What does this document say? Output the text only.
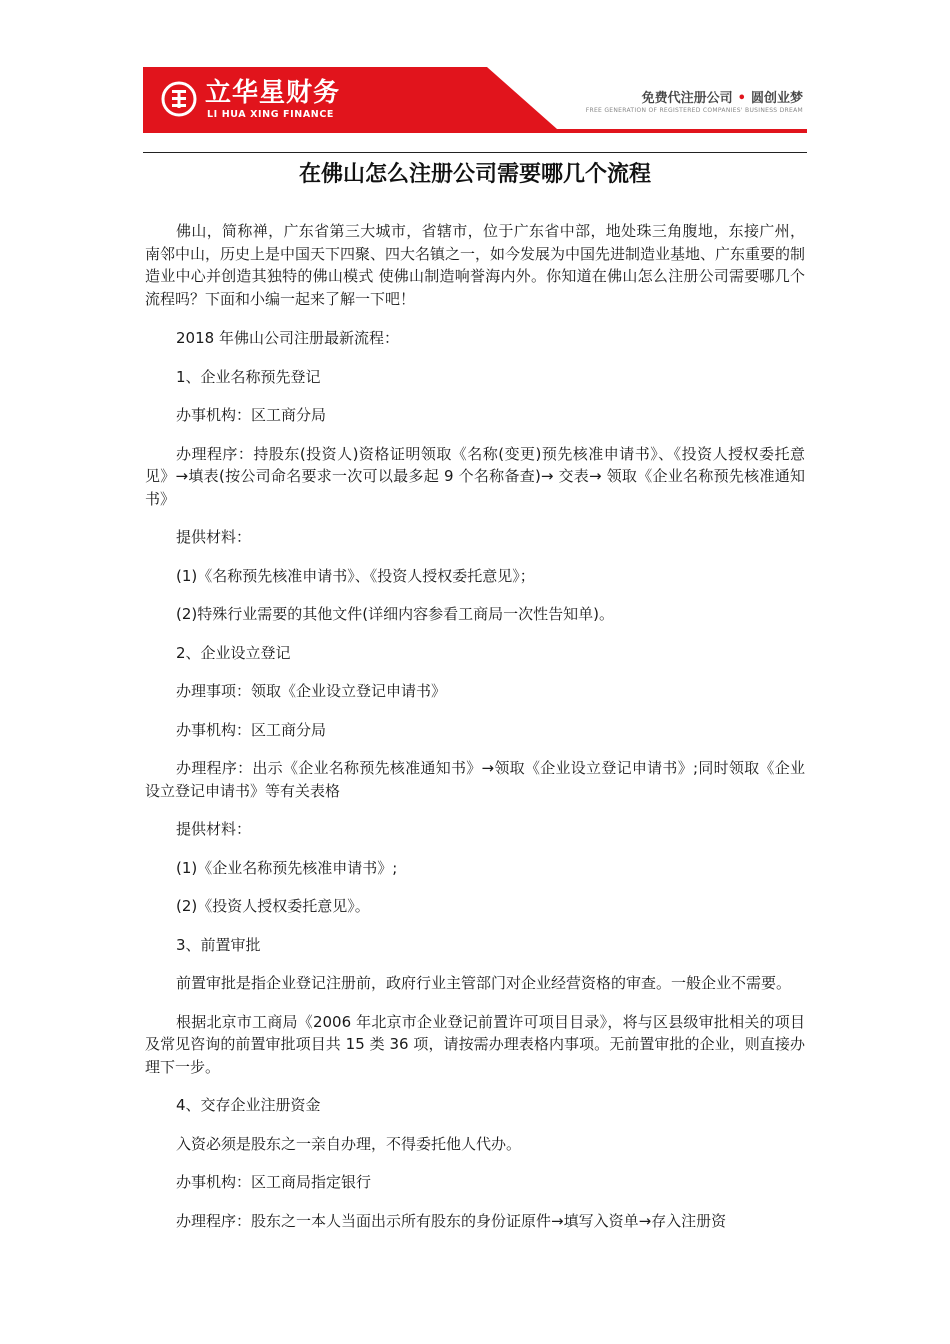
立华星财务
LI HUA XING FINANCE
免费代注册公司 • 圆创业梦
FREE GENERATION OF REGISTERED COMPANIES' BUSINESS DREAM
在佛山怎么注册公司需要哪几个流程

佛山，简称禅，广东省第三大城市，省辖市，位于广东省中部，地处珠三角腹地，东接广州，南邻中山，历史上是中国天下四聚、四大名镇之一，如今发展为中国先进制造业基地、广东重要的制造业中心并创造其独特的佛山模式 使佛山制造响誉海内外。你知道在佛山怎么注册公司需要哪几个流程吗？下面和小编一起来了解一下吧！

2018 年佛山公司注册最新流程：

1、企业名称预先登记

办事机构：区工商分局

办理程序：持股东(投资人)资格证明领取《名称(变更)预先核准申请书》、《投资人授权委托意见》→填表(按公司命名要求一次可以最多起 9 个名称备查)→ 交表→ 领取《企业名称预先核准通知书》

提供材料：

(1)《名称预先核准申请书》、《投资人授权委托意见》；

(2)特殊行业需要的其他文件(详细内容参看工商局一次性告知单)。

2、企业设立登记

办理事项：领取《企业设立登记申请书》

办事机构：区工商分局

办理程序：出示《企业名称预先核准通知书》→领取《企业设立登记申请书》;同时领取《企业设立登记申请书》等有关表格

提供材料：

(1)《企业名称预先核准申请书》;

(2)《投资人授权委托意见》。

3、前置审批

前置审批是指企业登记注册前，政府行业主管部门对企业经营资格的审查。一般企业不需要。

根据北京市工商局《2006 年北京市企业登记前置许可项目目录》，将与区县级审批相关的项目及常见咨询的前置审批项目共 15 类 36 项，请按需办理表格内事项。无前置审批的企业，则直接办理下一步。

4、交存企业注册资金

入资必须是股东之一亲自办理，不得委托他人代办。

办事机构：区工商局指定银行

办理程序：股东之一本人当面出示所有股东的身份证原件→填写入资单→存入注册资
